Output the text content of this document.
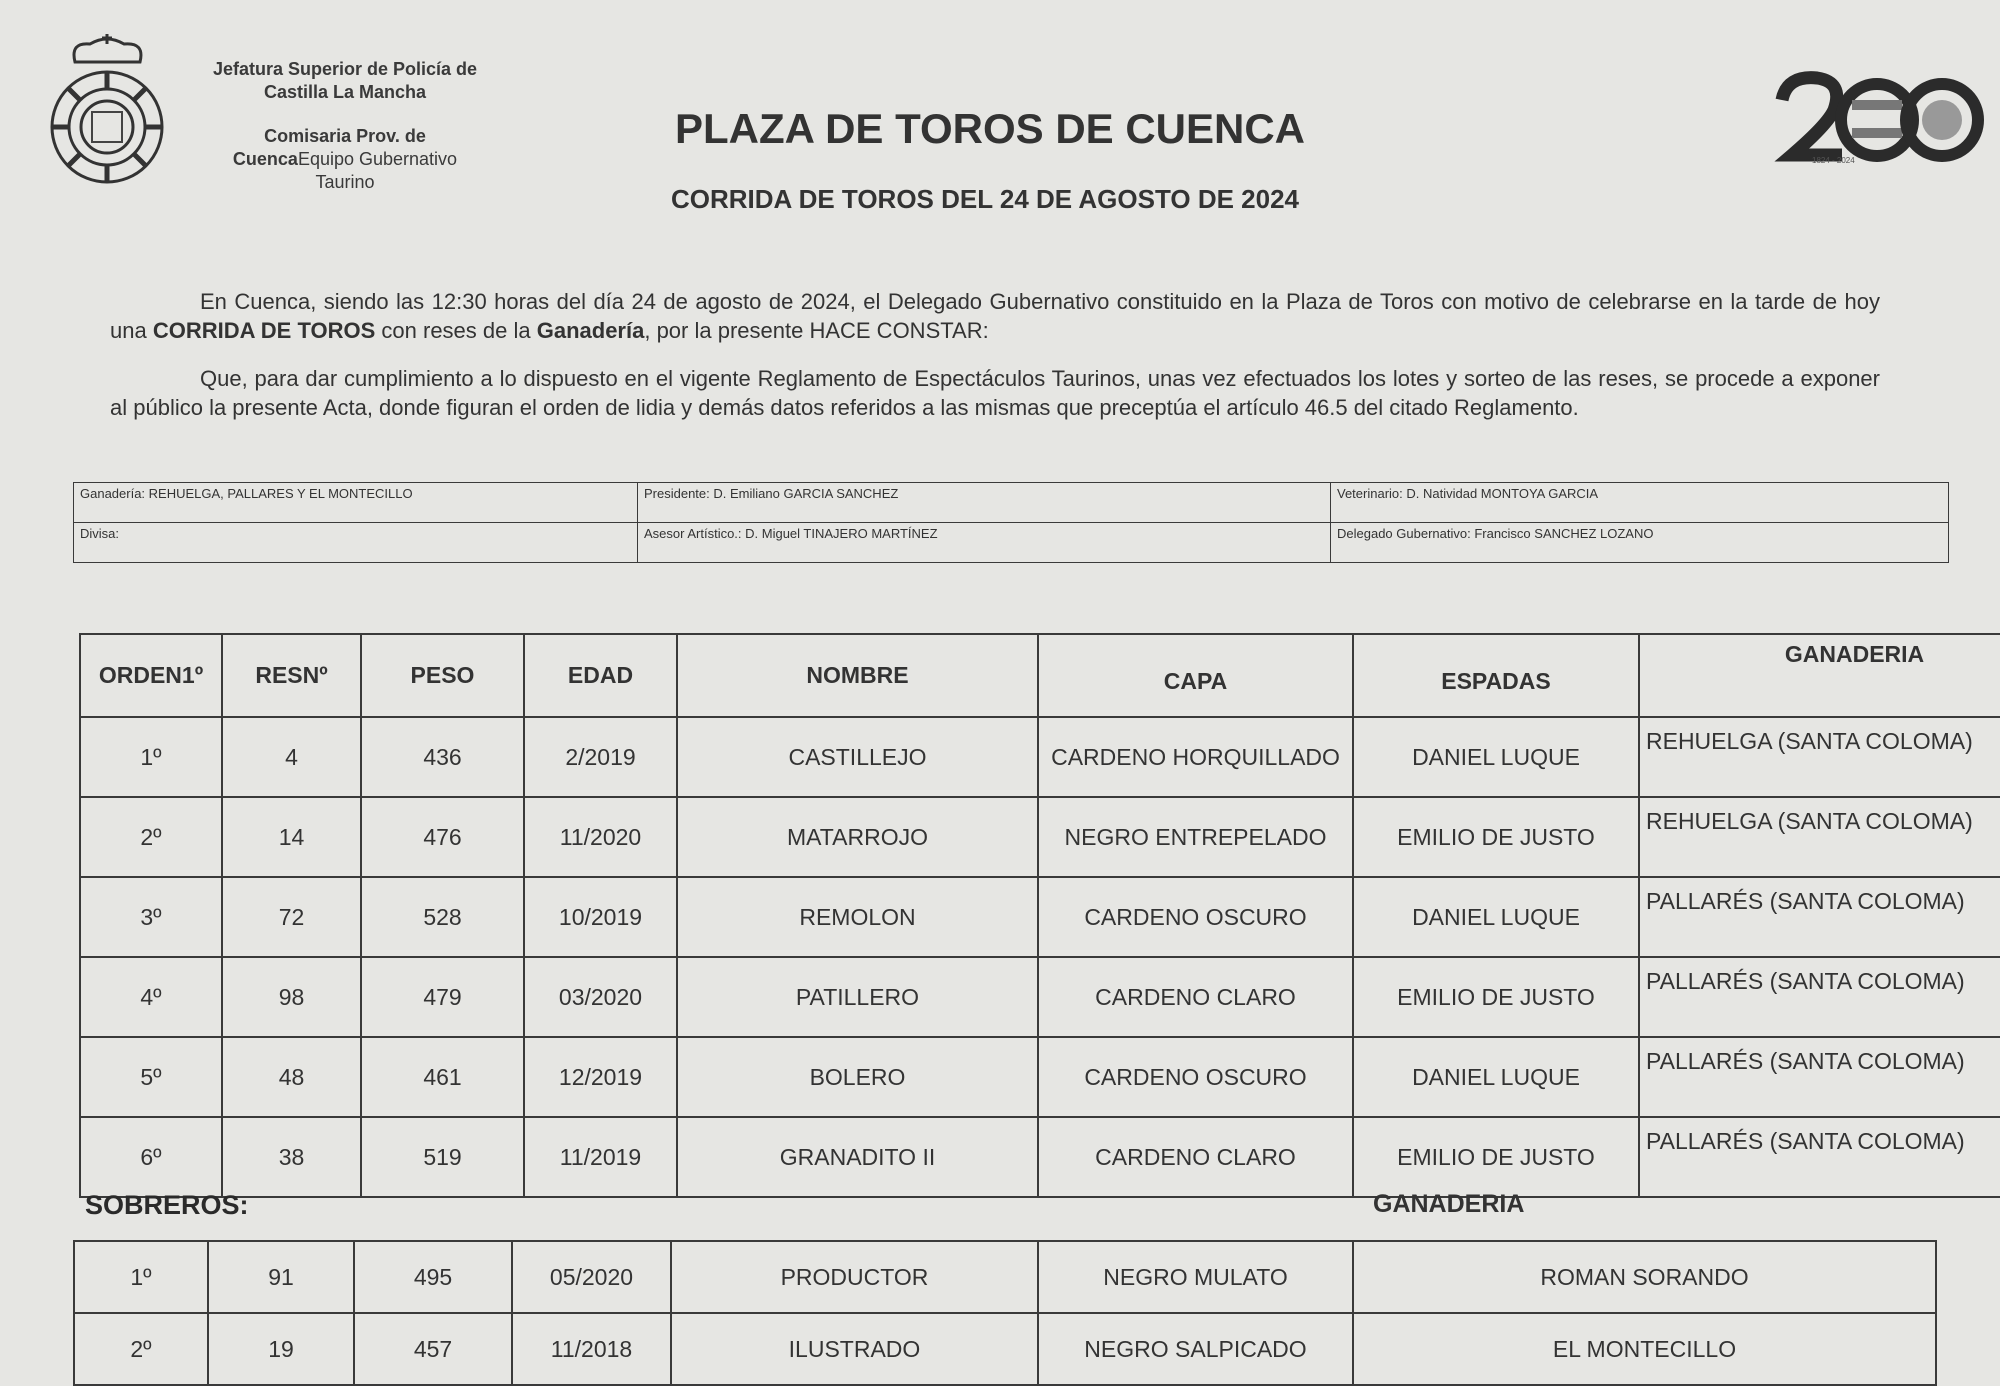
Jefatura Superior de Policía de
Castilla La Mancha
Comisaria Prov. de
CuencaEquipo Gubernativo
Taurino
1824 - 2024
PLAZA DE TOROS DE CUENCA
CORRIDA DE TOROS DEL 24 DE AGOSTO DE 2024
En Cuenca, siendo las 12:30 horas del día 24 de agosto de 2024, el Delegado Gubernativo constituido en la Plaza de Toros con motivo de celebrarse en la tarde de hoy una CORRIDA DE TOROS con reses de la Ganadería, por la presente HACE CONSTAR:
Que, para dar cumplimiento a lo dispuesto en el vigente Reglamento de Espectáculos Taurinos, unas vez efectuados los lotes y sorteo de las reses, se procede a exponer al público la presente Acta, donde figuran el orden de lidia y demás datos referidos a las mismas que preceptúa el artículo 46.5 del citado Reglamento.
Ganadería: REHUELGA, PALLARES Y EL MONTECILLO	Presidente: D. Emiliano GARCIA SANCHEZ	Veterinario: D. Natividad MONTOYA GARCIA
Divisa:	Asesor Artístico.: D. Miguel TINAJERO MARTÍNEZ	Delegado Gubernativo: Francisco SANCHEZ LOZANO
ORDEN1º	RESNº	PESO	EDAD	NOMBRE	CAPA	ESPADAS	GANADERIA
1º	4	436	2/2019	CASTILLEJO	CARDENO HORQUILLADO	DANIEL LUQUE	REHUELGA (SANTA COLOMA)
2º	14	476	11/2020	MATARROJO	NEGRO ENTREPELADO	EMILIO DE JUSTO	REHUELGA (SANTA COLOMA)
3º	72	528	10/2019	REMOLON	CARDENO OSCURO	DANIEL LUQUE	PALLARÉS (SANTA COLOMA)
4º	98	479	03/2020	PATILLERO	CARDENO CLARO	EMILIO DE JUSTO	PALLARÉS (SANTA COLOMA)
5º	48	461	12/2019	BOLERO	CARDENO OSCURO	DANIEL LUQUE	PALLARÉS (SANTA COLOMA)
6º	38	519	11/2019	GRANADITO II	CARDENO CLARO	EMILIO DE JUSTO	PALLARÉS (SANTA COLOMA)
SOBREROS:	GANADERIA
1º	91	495	05/2020	PRODUCTOR	NEGRO MULATO	ROMAN SORANDO
2º	19	457	11/2018	ILUSTRADO	NEGRO SALPICADO	EL MONTECILLO
